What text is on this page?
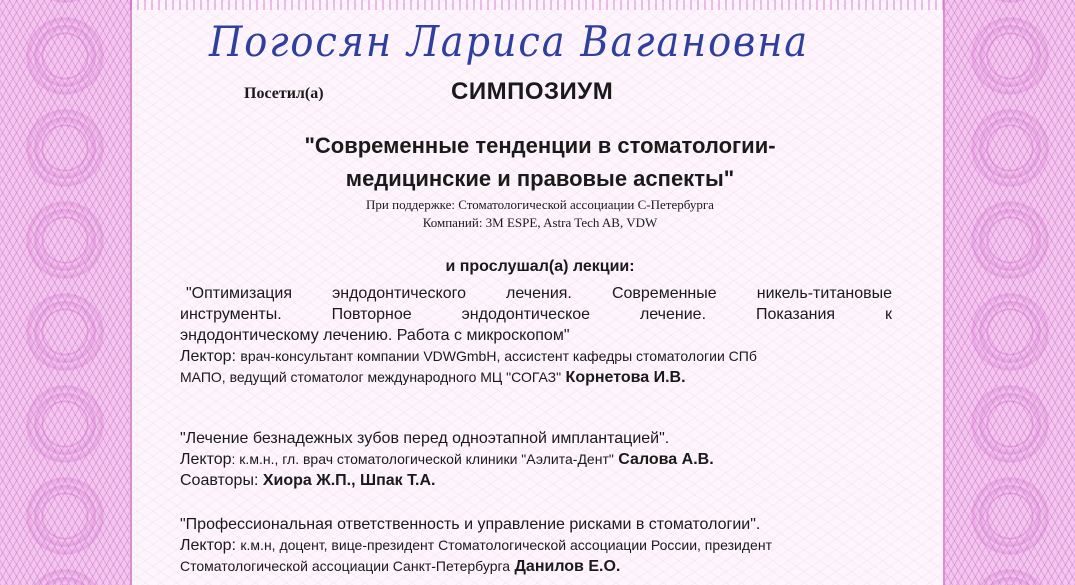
Погосян Лариса Вагановна

Посетил(а)	СИМПОЗИУМ

"Современные тенденции в стоматологии-

медицинские и правовые аспекты"

При поддержке: Стоматологической ассоциации С-Петербурга

Компаний: 3M ESPE, Astra Tech AB, VDW

и прослушал(а) лекции:

"Оптимизация эндодонтического лечения. Современные никель-титановые
инструменты. Повторное эндодонтическое лечение. Показания к
эндодонтическому лечению. Работа с микроскопом"
Лектор: врач-консультант компании VDWGmbH, ассистент кафедры стоматологии СПб
МАПО, ведущий стоматолог международного МЦ "СОГАЗ" Корнетова И.В.
"Лечение безнадежных зубов перед одноэтапной имплантацией".
Лектор: к.м.н., гл. врач стоматологической клиники "Аэлита-Дент" Салова А.В.
Соавторы: Хиора Ж.П., Шпак Т.А.
"Профессиональная ответственность и управление рисками в стоматологии".
Лектор: к.м.н, доцент, вице-президент Стоматологической ассоциации России, президент
Стоматологической ассоциации Санкт-Петербурга Данилов Е.О.
